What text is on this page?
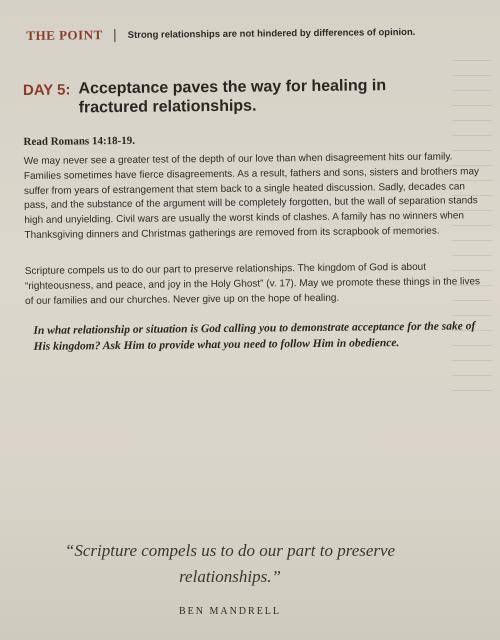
THE POINT	Strong relationships are not hindered by differences of opinion.
DAY 5: Acceptance paves the way for healing in fractured relationships.
Read Romans 14:18-19.

We may never see a greater test of the depth of our love than when disagreement hits our family. Families sometimes have fierce disagreements. As a result, fathers and sons, sisters and brothers may suffer from years of estrangement that stem back to a single heated discussion. Sadly, decades can pass, and the substance of the argument will be completely forgotten, but the wall of separation stands high and unyielding. Civil wars are usually the worst kinds of clashes. A family has no winners when Thanksgiving dinners and Christmas gatherings are removed from its scrapbook of memories.

Scripture compels us to do our part to preserve relationships. The kingdom of God is about “righteousness, and peace, and joy in the Holy Ghost” (v. 17). May we promote these things in the lives of our families and our churches. Never give up on the hope of healing.

In what relationship or situation is God calling you to demonstrate acceptance for the sake of His kingdom? Ask Him to provide what you need to follow Him in obedience.

“Scripture compels us to do our part to preserve relationships.”
BEN MANDRELL
